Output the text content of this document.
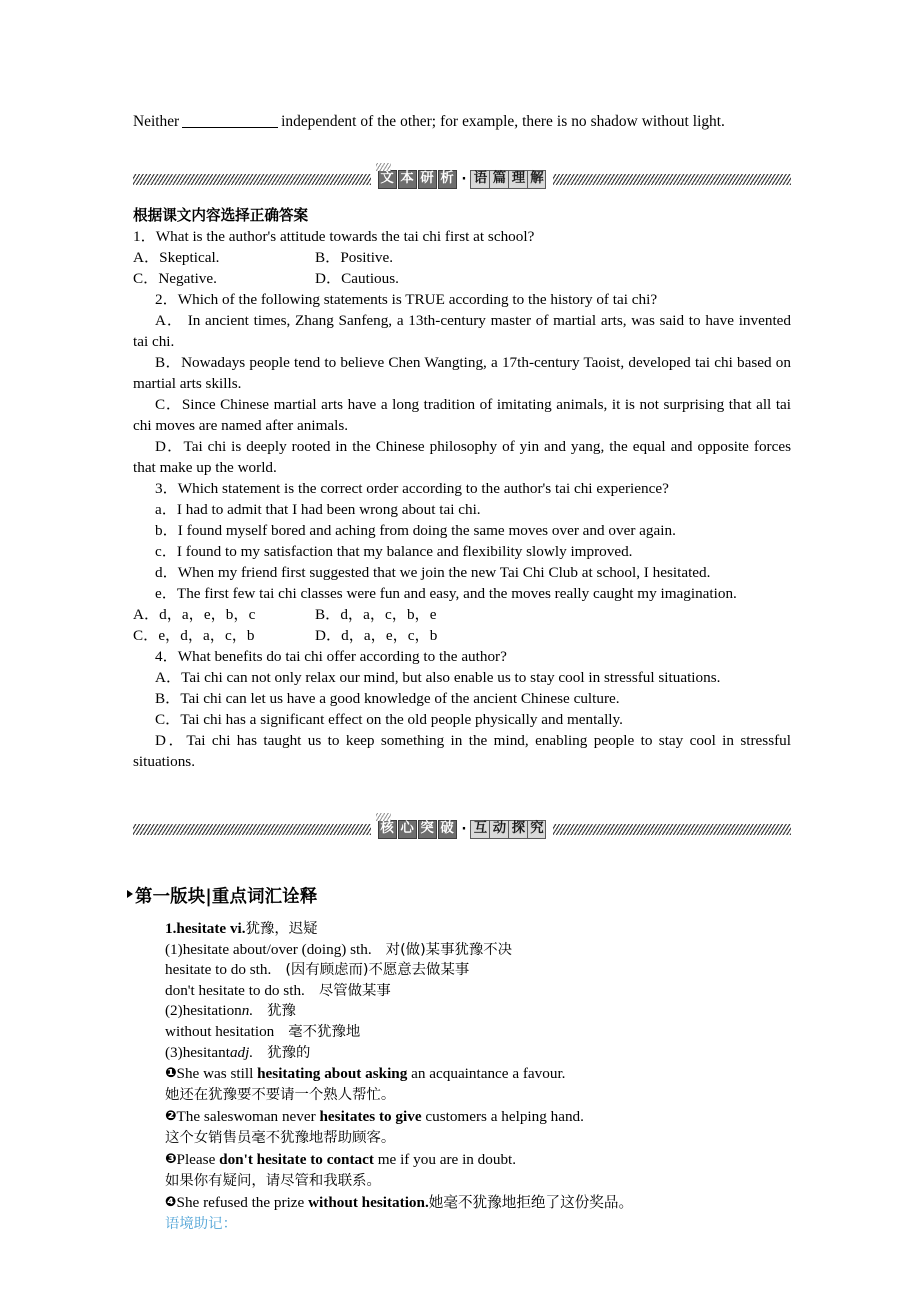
Neither	independent of the other; for example, there is no shadow without light.
文 本 研 析 · 语 篇 理 解
根据课文内容选择正确答案
1．What is the author's attitude towards the tai chi first at school?
A．Skeptical.	B．Positive.
C．Negative.	D．Cautious.
2．Which of the following statements is TRUE according to the history of tai chi?
A． In ancient times, Zhang Sanfeng, a 13th-century master of martial arts, was said to have invented tai chi.
B．Nowadays people tend to believe Chen Wangting, a 17th-century Taoist, developed tai chi based on martial arts skills.
C．Since Chinese martial arts have a long tradition of imitating animals, it is not surprising that all tai chi moves are named after animals.
D．Tai chi is deeply rooted in the Chinese philosophy of yin and yang, the equal and opposite forces that make up the world.
3．Which statement is the correct order according to the author's tai chi experience?
a．I had to admit that I had been wrong about tai chi.
b．I found myself bored and aching from doing the same moves over and over again.
c．I found to my satisfaction that my balance and flexibility slowly improved.
d．When my friend first suggested that we join the new Tai Chi Club at school, I hesitated.
e．The first few tai chi classes were fun and easy, and the moves really caught my imagination.
A．d，a，e，b，c	B．d，a，c，b，e
C．e，d，a，c，b	D．d，a，e，c，b
4．What benefits do tai chi offer according to the author?
A．Tai chi can not only relax our mind, but also enable us to stay cool in stressful situations.
B．Tai chi can let us have a good knowledge of the ancient Chinese culture.
C．Tai chi has a significant effect on the old people physically and mentally.
D．Tai chi has taught us to keep something in the mind, enabling people to stay cool in stressful situations.
核 心 突 破 · 互 动 探 究
第一版块|重点词汇诠释
1.hesitate vi.犹豫，迟疑
(1)hesitate about/over (doing) sth. 对(做)某事犹豫不决
hesitate to do sth. (因有顾虑而)不愿意去做某事
don't hesitate to do sth. 尽管做某事
(2)hesitationn. 犹豫
without hesitation 毫不犹豫地
(3)hesitantadj. 犹豫的
❶She was still hesitating about asking an acquaintance a favour.
她还在犹豫要不要请一个熟人帮忙。
❷The saleswoman never hesitates to give customers a helping hand.
这个女销售员毫不犹豫地帮助顾客。
❸Please don't hesitate to contact me if you are in doubt.
如果你有疑问，请尽管和我联系。
❹She refused the prize without hesitation.她毫不犹豫地拒绝了这份奖品。
语境助记：
